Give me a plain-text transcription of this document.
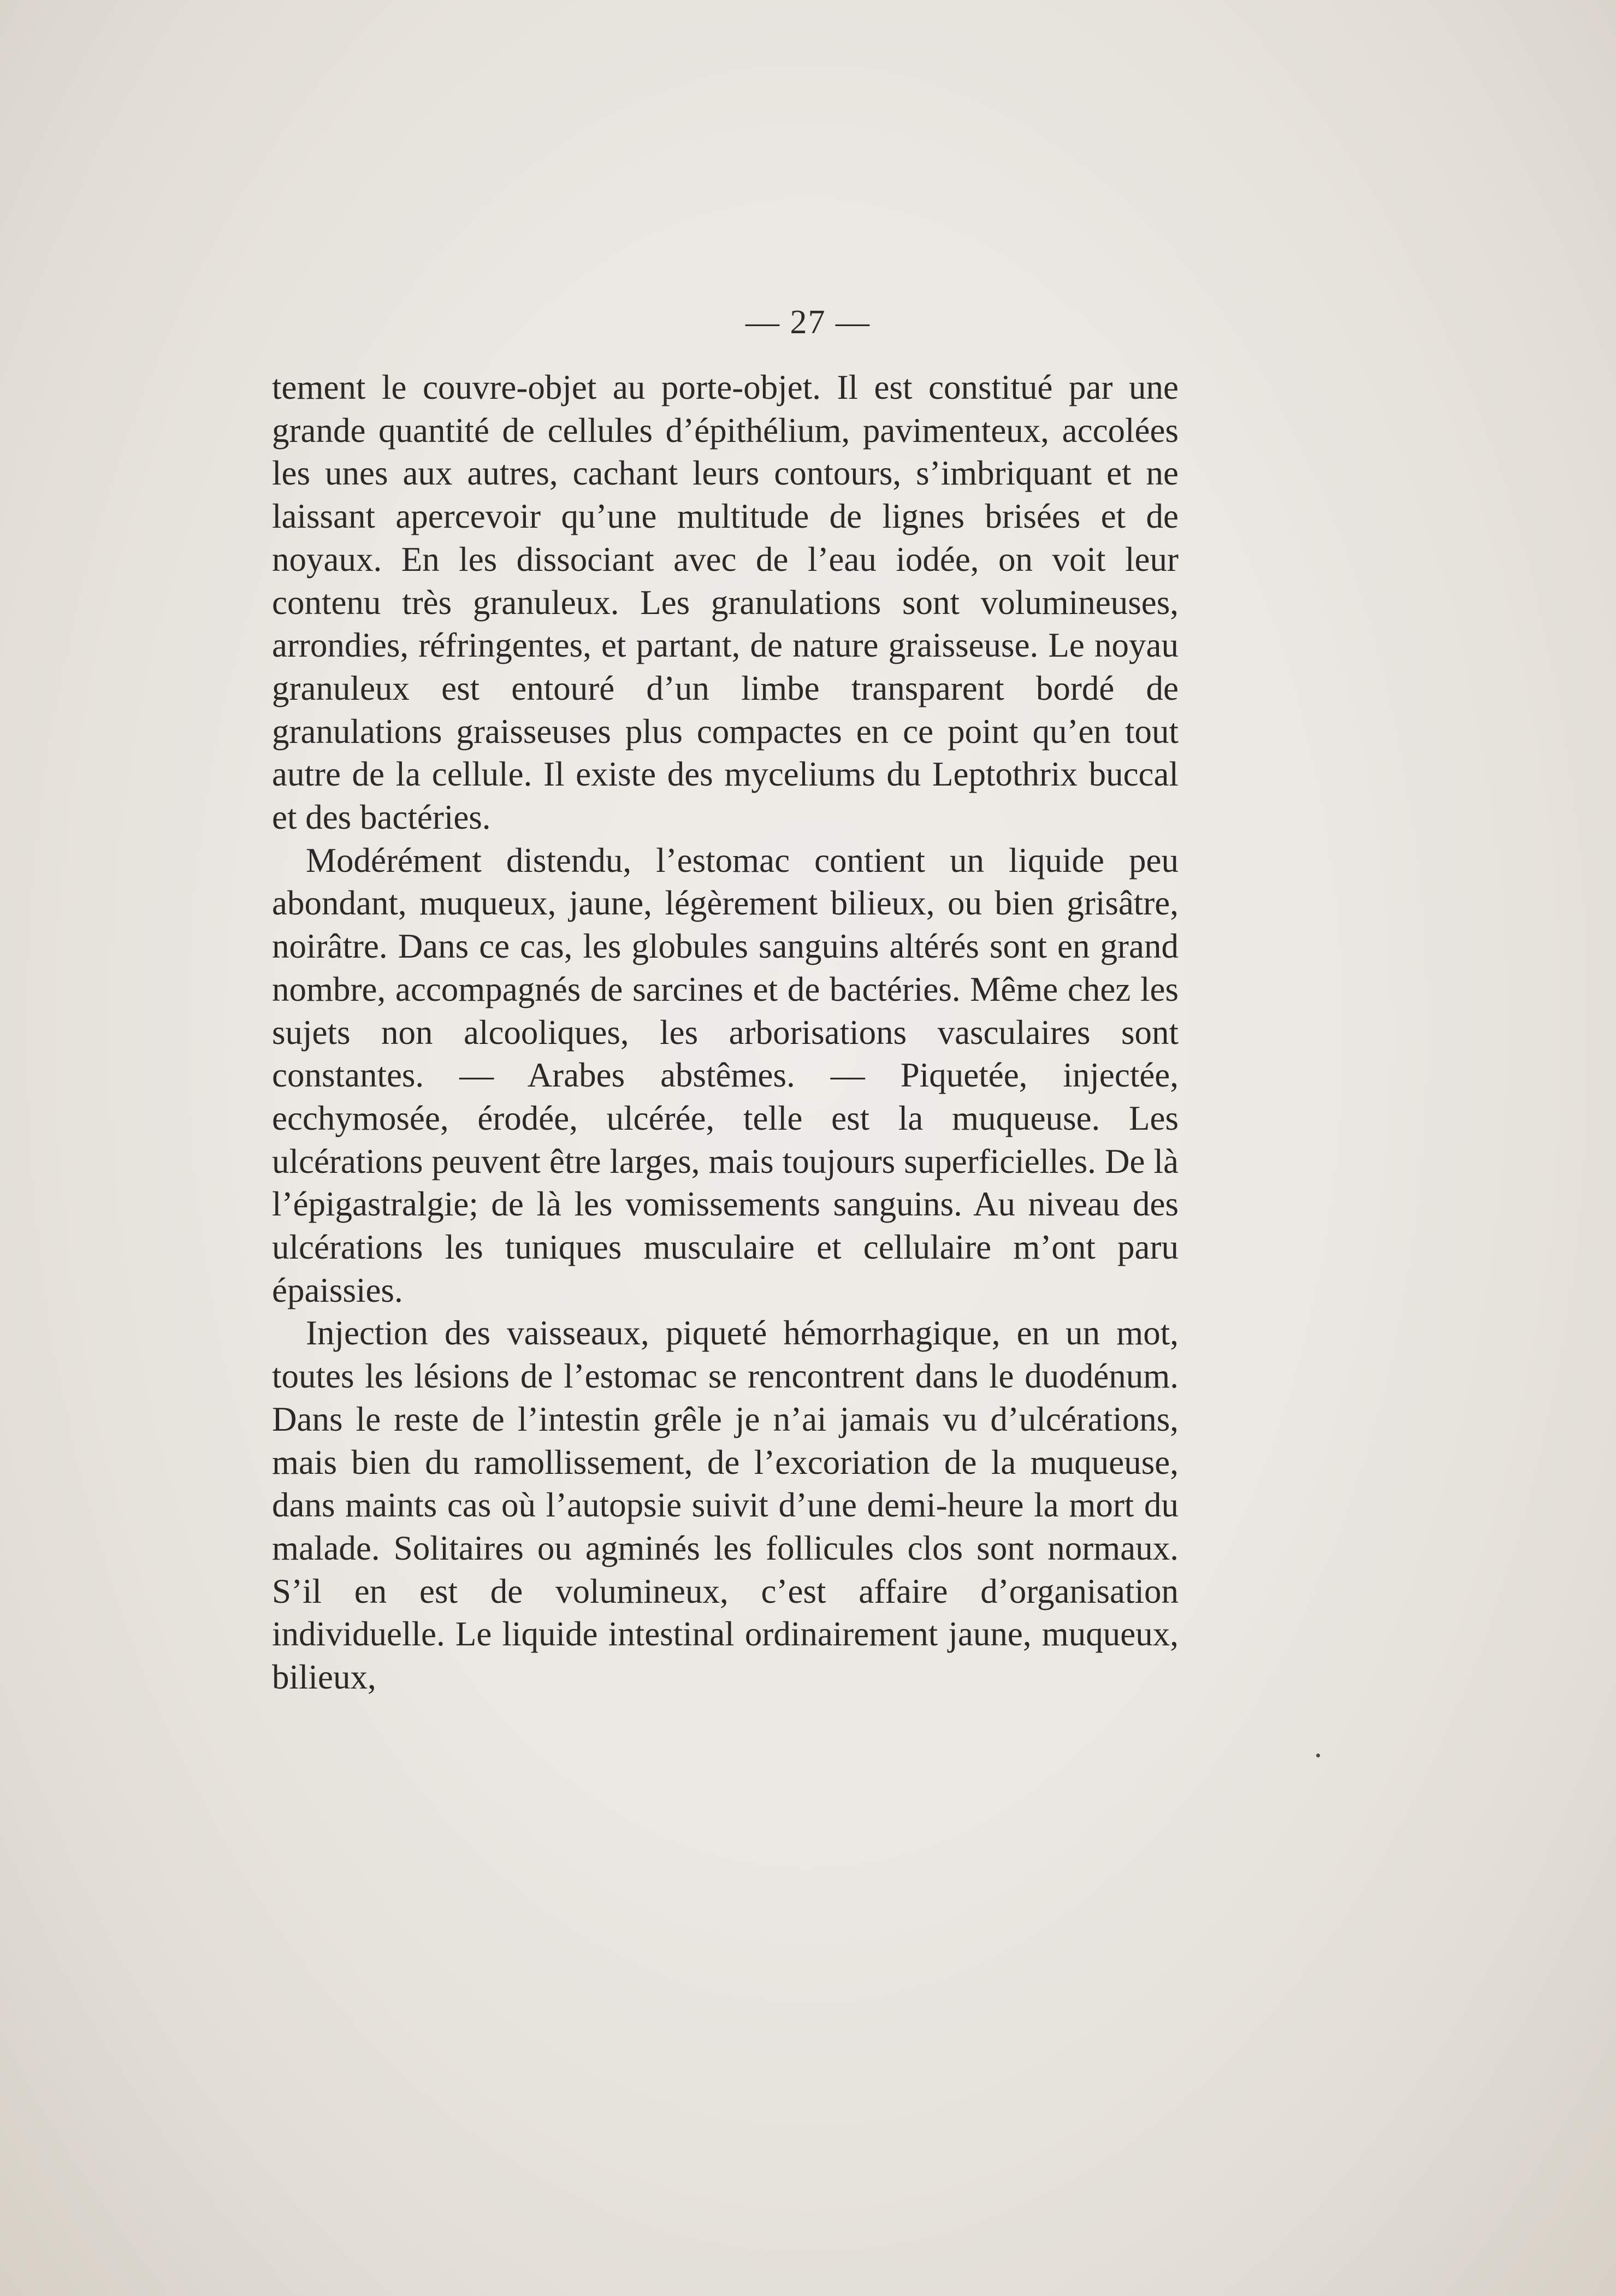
— 27 —

tement le couvre-objet au porte-objet. Il est constitué par une grande quantité de cellules d’épithélium, pavimenteux, accolées les unes aux autres, cachant leurs contours, s’imbriquant et ne laissant apercevoir qu’une multitude de lignes brisées et de noyaux. En les dissociant avec de l’eau iodée, on voit leur contenu très granuleux. Les granulations sont volumineuses, arrondies, réfringentes, et partant, de nature graisseuse. Le noyau granuleux est entouré d’un limbe transparent bordé de granulations graisseuses plus compactes en ce point qu’en tout autre de la cellule. Il existe des myceliums du Leptothrix buccal et des bactéries.

Modérément distendu, l’estomac contient un liquide peu abondant, muqueux, jaune, légèrement bilieux, ou bien grisâtre, noirâtre. Dans ce cas, les globules sanguins altérés sont en grand nombre, accompagnés de sarcines et de bactéries. Même chez les sujets non alcooliques, les arborisations vasculaires sont constantes. — Arabes abstêmes. — Piquetée, injectée, ecchymosée, érodée, ulcérée, telle est la muqueuse. Les ulcérations peuvent être larges, mais toujours superficielles. De là l’épigastralgie; de là les vomissements sanguins. Au niveau des ulcérations les tuniques musculaire et cellulaire m’ont paru épaissies.

Injection des vaisseaux, piqueté hémorrhagique, en un mot, toutes les lésions de l’estomac se rencontrent dans le duodénum. Dans le reste de l’intestin grêle je n’ai jamais vu d’ulcérations, mais bien du ramollissement, de l’excoriation de la muqueuse, dans maints cas où l’autopsie suivit d’une demi-heure la mort du malade. Solitaires ou agminés les follicules clos sont normaux. S’il en est de volumineux, c’est affaire d’organisation individuelle. Le liquide intestinal ordinairement jaune, muqueux, bilieux,
